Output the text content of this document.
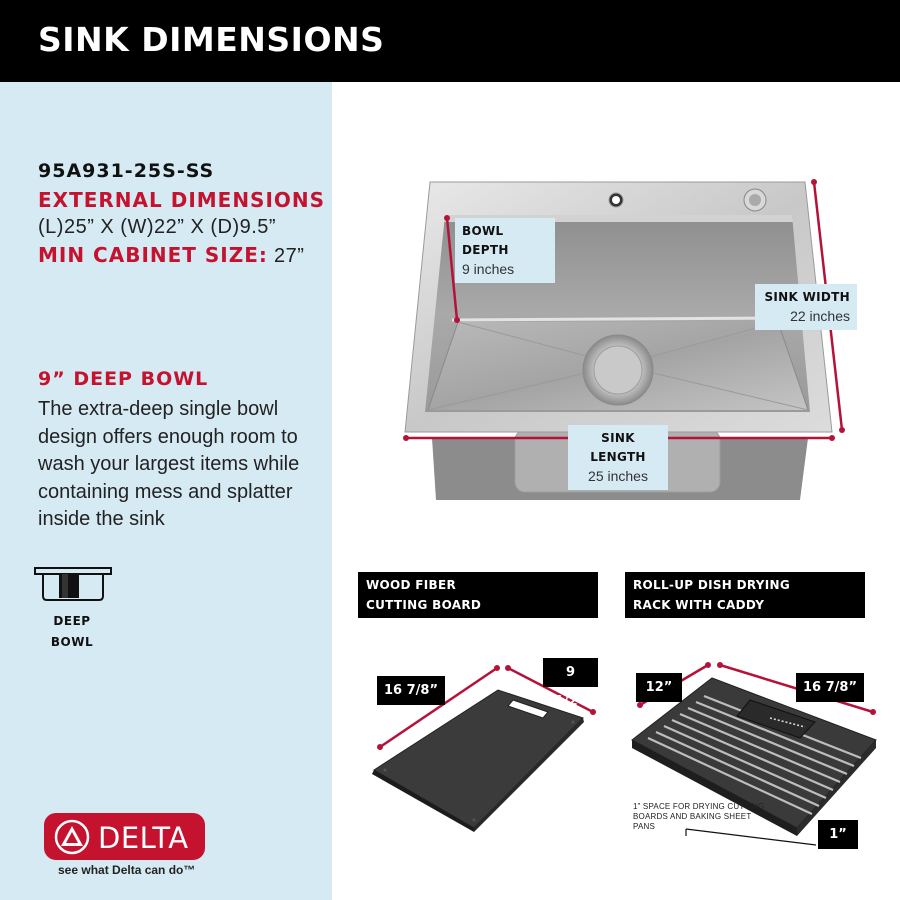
SINK DIMENSIONS
95A931-25S-SS
EXTERNAL DIMENSIONS
(L)25” X (W)22” X (D)9.5”
MIN CABINET SIZE: 27”
9” DEEP BOWL
The extra-deep single bowl design offers enough room to wash your largest items while containing mess and splatter inside the sink
DEEP
BOWL
DELTA
see what Delta can do™
BOWL DEPTH
9 inches
SINK WIDTH
22 inches
SINK LENGTH
25 inches
WOOD FIBER
CUTTING BOARD
ROLL-UP DISH DRYING
RACK WITH CADDY
16 7/8”
9 1/2”
12”	16 7/8”
1”
1” SPACE FOR DRYING CUTTING BOARDS AND BAKING SHEET PANS
